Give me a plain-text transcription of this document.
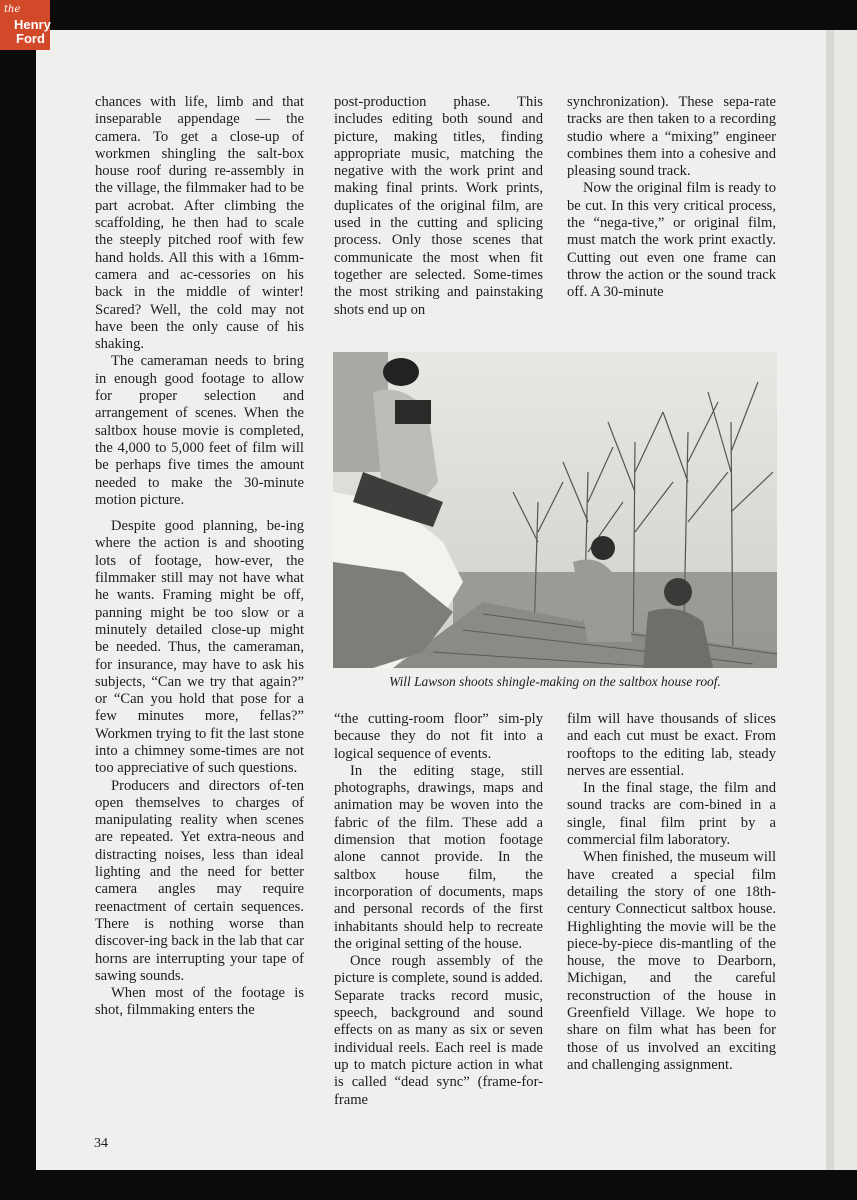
the
Henry
Ford

chances with life, limb and that inseparable appendage — the camera. To get a close-up of workmen shingling the salt-box house roof during re-assembly in the village, the filmmaker had to be part acrobat. After climbing the scaffolding, he then had to scale the steeply pitched roof with few hand holds. All this with a 16mm-camera and ac-cessories on his back in the middle of winter! Scared? Well, the cold may not have been the only cause of his shaking.

The cameraman needs to bring in enough good footage to allow for proper selection and arrangement of scenes. When the saltbox house movie is completed, the 4,000 to 5,000 feet of film will be perhaps five times the amount needed to make the 30-minute motion picture.

Despite good planning, be-ing where the action is and shooting lots of footage, how-ever, the filmmaker still may not have what he wants. Framing might be off, panning might be too slow or a minutely detailed close-up might be needed. Thus, the cameraman, for insurance, may have to ask his subjects, “Can we try that again?” or “Can you hold that pose for a few minutes more, fellas?” Workmen trying to fit the last stone into a chimney some-times are not too appreciative of such questions.

Producers and directors of-ten open themselves to charges of manipulating reality when scenes are repeated. Yet extra-neous and distracting noises, less than ideal lighting and the need for better camera angles may require reenactment of certain sequences. There is nothing worse than discover-ing back in the lab that car horns are interrupting your tape of sawing sounds.

When most of the footage is shot, filmmaking enters the

post-production phase. This includes editing both sound and picture, making titles, finding appropriate music, matching the negative with the work print and making final prints. Work prints, duplicates of the original film, are used in the cutting and splicing process. Only those scenes that communicate the most when fit together are selected. Some-times the most striking and painstaking shots end up on

synchronization). These sepa-rate tracks are then taken to a recording studio where a “mixing” engineer combines them into a cohesive and pleasing sound track.

Now the original film is ready to be cut. In this very critical process, the “nega-tive,” or original film, must match the work print exactly. Cutting out even one frame can throw the action or the sound track off. A 30-minute

Will Lawson shoots shingle-making on the saltbox house roof.

“the cutting-room floor” sim-ply because they do not fit into a logical sequence of events.

In the editing stage, still photographs, drawings, maps and animation may be woven into the fabric of the film. These add a dimension that motion footage alone cannot provide. In the saltbox house film, the incorporation of documents, maps and personal records of the first inhabitants should help to recreate the original setting of the house.

Once rough assembly of the picture is complete, sound is added. Separate tracks record music, speech, background and sound effects on as many as six or seven individual reels. Each reel is made up to match picture action in what is called “dead sync” (frame-for-frame

film will have thousands of slices and each cut must be exact. From rooftops to the editing lab, steady nerves are essential.

In the final stage, the film and sound tracks are com-bined in a single, final film print by a commercial film laboratory.

When finished, the museum will have created a special film detailing the story of one 18th-century Connecticut saltbox house. Highlighting the movie will be the piece-by-piece dis-mantling of the house, the move to Dearborn, Michigan, and the careful reconstruction of the house in Greenfield Village. We hope to share on film what has been for those of us involved an exciting and challenging assignment.

34
